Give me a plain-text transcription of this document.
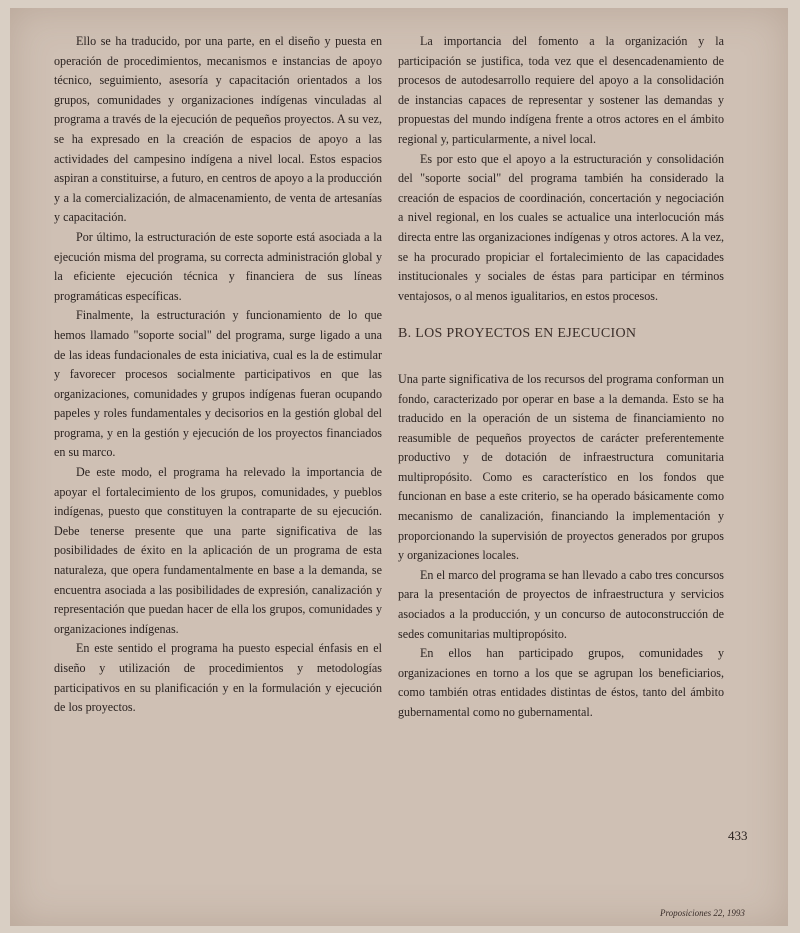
Ello se ha traducido, por una parte, en el diseño y puesta en operación de procedimientos, mecanismos e instancias de apoyo técnico, seguimiento, asesoría y capacitación orientados a los grupos, comunidades y organizaciones indígenas vinculadas al programa a través de la ejecución de pequeños proyectos. A su vez, se ha expresado en la creación de espacios de apoyo a las actividades del campesino indígena a nivel local. Estos espacios aspiran a constituirse, a futuro, en centros de apoyo a la producción y a la comercialización, de almacenamiento, de venta de artesanías y capacitación.

Por último, la estructuración de este soporte está asociada a la ejecución misma del programa, su correcta administración global y la eficiente ejecución técnica y financiera de sus líneas programáticas específicas.

Finalmente, la estructuración y funcionamiento de lo que hemos llamado "soporte social" del programa, surge ligado a una de las ideas fundacionales de esta iniciativa, cual es la de estimular y favorecer procesos socialmente participativos en que las organizaciones, comunidades y grupos indígenas fueran ocupando papeles y roles fundamentales y decisorios en la gestión global del programa, y en la gestión y ejecución de los proyectos financiados en su marco.

De este modo, el programa ha relevado la importancia de apoyar el fortalecimiento de los grupos, comunidades, y pueblos indígenas, puesto que constituyen la contraparte de su ejecución. Debe tenerse presente que una parte significativa de las posibilidades de éxito en la aplicación de un programa de esta naturaleza, que opera fundamentalmente en base a la demanda, se encuentra asociada a las posibilidades de expresión, canalización y representación que puedan hacer de ella los grupos, comunidades y organizaciones indígenas.

En este sentido el programa ha puesto especial énfasis en el diseño y utilización de procedimientos y metodologías participativos en su planificación y en la formulación y ejecución de los proyectos.

La importancia del fomento a la organización y la participación se justifica, toda vez que el desencadenamiento de procesos de autodesarrollo requiere del apoyo a la consolidación de instancias capaces de representar y sostener las demandas y propuestas del mundo indígena frente a otros actores en el ámbito regional y, particularmente, a nivel local.

Es por esto que el apoyo a la estructuración y consolidación del "soporte social" del programa también ha considerado la creación de espacios de coordinación, concertación y negociación a nivel regional, en los cuales se actualice una interlocución más directa entre las organizaciones indígenas y otros actores. A la vez, se ha procurado propiciar el fortalecimiento de las capacidades institucionales y sociales de éstas para participar en términos ventajosos, o al menos igualitarios, en estos procesos.

B. LOS PROYECTOS EN EJECUCION

Una parte significativa de los recursos del programa conforman un fondo, caracterizado por operar en base a la demanda. Esto se ha traducido en la operación de un sistema de financiamiento no reasumible de pequeños proyectos de carácter preferentemente productivo y de dotación de infraestructura comunitaria multipropósito. Como es característico en los fondos que funcionan en base a este criterio, se ha operado básicamente como mecanismo de canalización, financiando la implementación y proporcionando la supervisión de proyectos generados por grupos y organizaciones locales.

En el marco del programa se han llevado a cabo tres concursos para la presentación de proyectos de infraestructura y servicios asociados a la producción, y un concurso de autoconstrucción de sedes comunitarias multipropósito.

En ellos han participado grupos, comunidades y organizaciones en torno a los que se agrupan los beneficiarios, como también otras entidades distintas de éstos, tanto del ámbito gubernamental como no gubernamental.

433
Proposiciones 22, 1993
